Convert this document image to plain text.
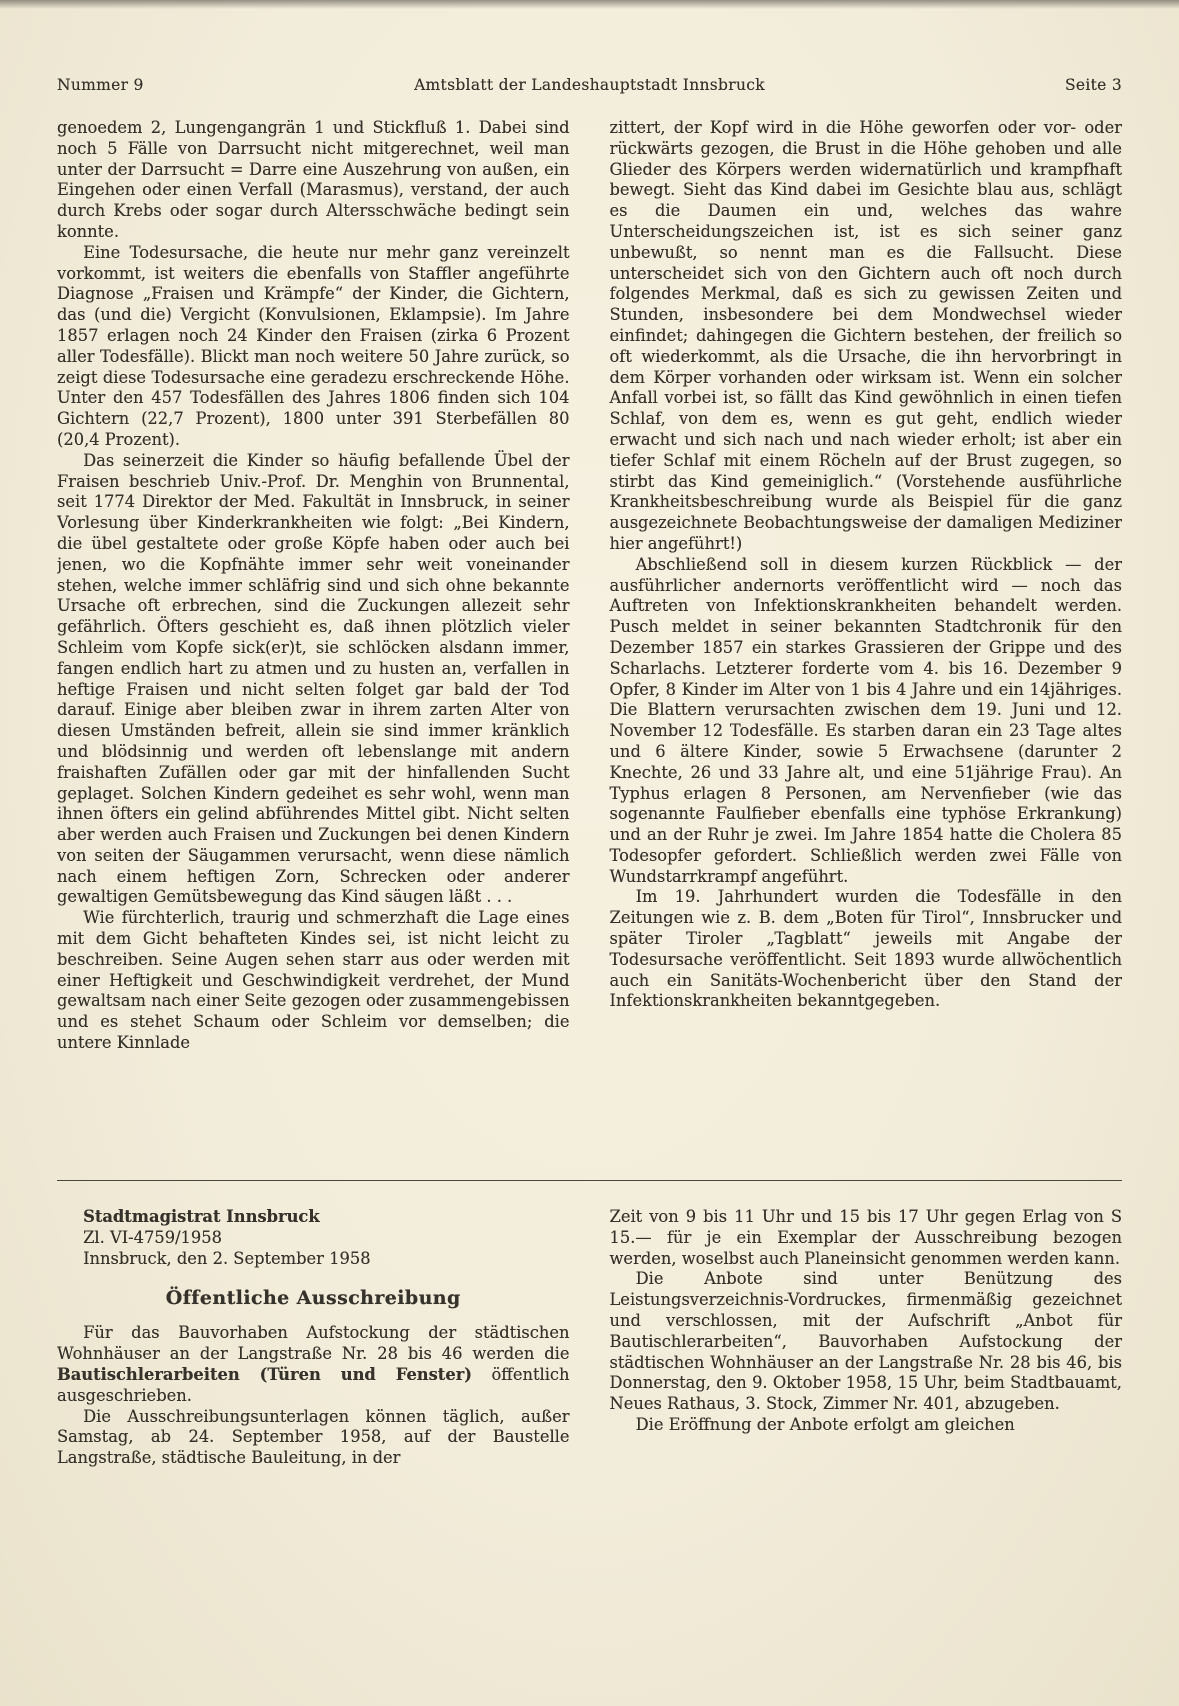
Nummer 9	Amtsblatt der Landeshauptstadt Innsbruck	Seite 3

genoedem 2, Lungengangrän 1 und Stickfluß 1. Dabei sind noch 5 Fälle von Darrsucht nicht mitgerechnet, weil man unter der Darrsucht = Darre eine Auszehrung von außen, ein Eingehen oder einen Verfall (Marasmus), verstand, der auch durch Krebs oder sogar durch Altersschwäche bedingt sein konnte.

Eine Todesursache, die heute nur mehr ganz vereinzelt vorkommt, ist weiters die ebenfalls von Staffler angeführte Diagnose „Fraisen und Krämpfe“ der Kinder, die Gichtern, das (und die) Vergicht (Konvulsionen, Eklampsie). Im Jahre 1857 erlagen noch 24 Kinder den Fraisen (zirka 6 Prozent aller Todesfälle). Blickt man noch weitere 50 Jahre zurück, so zeigt diese Todesursache eine geradezu erschreckende Höhe. Unter den 457 Todesfällen des Jahres 1806 finden sich 104 Gichtern (22,7 Prozent), 1800 unter 391 Sterbefällen 80 (20,4 Prozent).

Das seinerzeit die Kinder so häufig befallende Übel der Fraisen beschrieb Univ.-Prof. Dr. Menghin von Brunnental, seit 1774 Direktor der Med. Fakultät in Innsbruck, in seiner Vorlesung über Kinderkrankheiten wie folgt: „Bei Kindern, die übel gestaltete oder große Köpfe haben oder auch bei jenen, wo die Kopfnähte immer sehr weit voneinander stehen, welche immer schläfrig sind und sich ohne bekannte Ursache oft erbrechen, sind die Zuckungen allezeit sehr gefährlich. Öfters geschieht es, daß ihnen plötzlich vieler Schleim vom Kopfe sick(er)t, sie schlöcken alsdann immer, fangen endlich hart zu atmen und zu husten an, verfallen in heftige Fraisen und nicht selten folget gar bald der Tod darauf. Einige aber bleiben zwar in ihrem zarten Alter von diesen Umständen befreit, allein sie sind immer kränklich und blödsinnig und werden oft lebenslange mit andern fraishaften Zufällen oder gar mit der hinfallenden Sucht geplaget. Solchen Kindern gedeihet es sehr wohl, wenn man ihnen öfters ein gelind abführendes Mittel gibt. Nicht selten aber werden auch Fraisen und Zuckungen bei denen Kindern von seiten der Säugammen verursacht, wenn diese nämlich nach einem heftigen Zorn, Schrecken oder anderer gewaltigen Gemütsbewegung das Kind säugen läßt . . .

Wie fürchterlich, traurig und schmerzhaft die Lage eines mit dem Gicht behafteten Kindes sei, ist nicht leicht zu beschreiben. Seine Augen sehen starr aus oder werden mit einer Heftigkeit und Geschwindigkeit verdrehet, der Mund gewaltsam nach einer Seite gezogen oder zusammengebissen und es stehet Schaum oder Schleim vor demselben; die untere Kinnlade

zittert, der Kopf wird in die Höhe geworfen oder vor- oder rückwärts gezogen, die Brust in die Höhe gehoben und alle Glieder des Körpers werden widernatürlich und krampfhaft bewegt. Sieht das Kind dabei im Gesichte blau aus, schlägt es die Daumen ein und, welches das wahre Unterscheidungszeichen ist, ist es sich seiner ganz unbewußt, so nennt man es die Fallsucht. Diese unterscheidet sich von den Gichtern auch oft noch durch folgendes Merkmal, daß es sich zu gewissen Zeiten und Stunden, insbesondere bei dem Mondwechsel wieder einfindet; dahingegen die Gichtern bestehen, der freilich so oft wiederkommt, als die Ursache, die ihn hervorbringt in dem Körper vorhanden oder wirksam ist. Wenn ein solcher Anfall vorbei ist, so fällt das Kind gewöhnlich in einen tiefen Schlaf, von dem es, wenn es gut geht, endlich wieder erwacht und sich nach und nach wieder erholt; ist aber ein tiefer Schlaf mit einem Röcheln auf der Brust zugegen, so stirbt das Kind gemeiniglich.“ (Vorstehende ausführliche Krankheitsbeschreibung wurde als Beispiel für die ganz ausgezeichnete Beobachtungsweise der damaligen Mediziner hier angeführt!)

Abschließend soll in diesem kurzen Rückblick — der ausführlicher andernorts veröffentlicht wird — noch das Auftreten von Infektionskrankheiten behandelt werden. Pusch meldet in seiner bekannten Stadtchronik für den Dezember 1857 ein starkes Grassieren der Grippe und des Scharlachs. Letzterer forderte vom 4. bis 16. Dezember 9 Opfer, 8 Kinder im Alter von 1 bis 4 Jahre und ein 14jähriges. Die Blattern verursachten zwischen dem 19. Juni und 12. November 12 Todesfälle. Es starben daran ein 23 Tage altes und 6 ältere Kinder, sowie 5 Erwachsene (darunter 2 Knechte, 26 und 33 Jahre alt, und eine 51jährige Frau). An Typhus erlagen 8 Personen, am Nervenfieber (wie das sogenannte Faulfieber ebenfalls eine typhöse Erkrankung) und an der Ruhr je zwei. Im Jahre 1854 hatte die Cholera 85 Todesopfer gefordert. Schließlich werden zwei Fälle von Wundstarrkrampf angeführt.

Im 19. Jahrhundert wurden die Todesfälle in den Zeitungen wie z. B. dem „Boten für Tirol“, Innsbrucker und später Tiroler „Tagblatt“ jeweils mit Angabe der Todesursache veröffentlicht. Seit 1893 wurde allwöchentlich auch ein Sanitäts-Wochenbericht über den Stand der Infektionskrankheiten bekanntgegeben.

Stadtmagistrat Innsbruck

Zl. VI-4759/1958

Innsbruck, den 2. September 1958

Öffentliche Ausschreibung

Für das Bauvorhaben Aufstockung der städtischen Wohnhäuser an der Langstraße Nr. 28 bis 46 werden die Bautischlerarbeiten (Türen und Fenster) öffentlich ausgeschrieben.

Die Ausschreibungsunterlagen können täglich, außer Samstag, ab 24. September 1958, auf der Baustelle Langstraße, städtische Bauleitung, in der

Zeit von 9 bis 11 Uhr und 15 bis 17 Uhr gegen Erlag von S 15.— für je ein Exemplar der Ausschreibung bezogen werden, woselbst auch Planeinsicht genommen werden kann.

Die Anbote sind unter Benützung des Leistungsverzeichnis-Vordruckes, firmenmäßig gezeichnet und verschlossen, mit der Aufschrift „Anbot für Bautischlerarbeiten“, Bauvorhaben Aufstockung der städtischen Wohnhäuser an der Langstraße Nr. 28 bis 46, bis Donnerstag, den 9. Oktober 1958, 15 Uhr, beim Stadtbauamt, Neues Rathaus, 3. Stock, Zimmer Nr. 401, abzugeben.

Die Eröffnung der Anbote erfolgt am gleichen
